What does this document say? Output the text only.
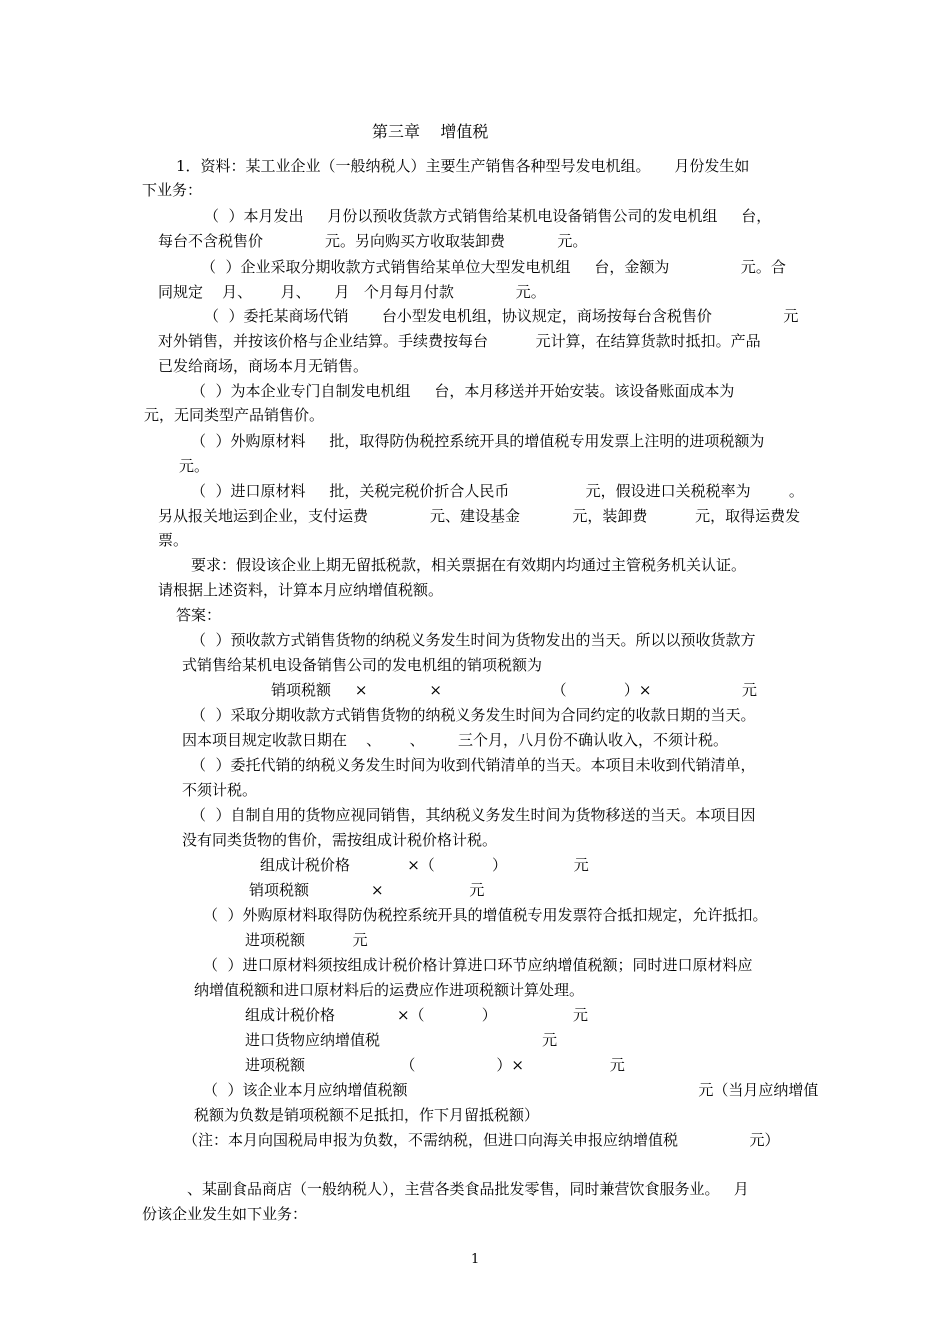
第三章    增值税
1．资料：某工业企业（一般纳税人）主要生产销售各种型号发电机组。     月份发生如
下业务：
（  ）本月发出     月份以预收货款方式销售给某机电设备销售公司的发电机组     台，
每台不含税售价             元。另向购买方收取装卸费           元。
（  ）企业采取分期收款方式销售给某单位大型发电机组     台，金额为               元。合
同规定    月、      月、     月   个月每月付款             元。
（  ）委托某商场代销       台小型发电机组，协议规定，商场按每台含税售价               元
对外销售，并按该价格与企业结算。手续费按每台          元计算，在结算货款时抵扣。产品
已发给商场，商场本月无销售。
（  ）为本企业专门自制发电机组     台，本月移送并开始安装。该设备账面成本为
元，无同类型产品销售价。
（  ）外购原材料     批，取得防伪税控系统开具的增值税专用发票上注明的进项税额为
元。
（  ）进口原材料     批，关税完税价折合人民币                元，假设进口关税税率为        。
另从报关地运到企业，支付运费             元、建设基金           元，装卸费          元，取得运费发
票。
要求：假设该企业上期无留抵税款，相关票据在有效期内均通过主管税务机关认证。
请根据上述资料，计算本月应纳增值税额。
答案：
（  ）预收款方式销售货物的纳税义务发生时间为货物发出的当天。所以以预收货款方
式销售给某机电设备销售公司的发电机组的销项税额为
销项税额     ×             ×                       （            ）×                   元
（  ）采取分期收款方式销售货物的纳税义务发生时间为合同约定的收款日期的当天。
因本项目规定收款日期在    、      、       三个月，八月份不确认收入，不须计税。
（  ）委托代销的纳税义务发生时间为收到代销清单的当天。本项目未收到代销清单，
不须计税。
（  ）自制自用的货物应视同销售，其纳税义务发生时间为货物移送的当天。本项目因
没有同类货物的售价，需按组成计税价格计税。
组成计税价格            ×（            ）              元
销项税额             ×                  元
（  ）外购原材料取得防伪税控系统开具的增值税专用发票符合抵扣规定，允许抵扣。
进项税额          元
（  ）进口原材料须按组成计税价格计算进口环节应纳增值税额；同时进口原材料应
纳增值税额和进口原材料后的运费应作进项税额计算处理。
组成计税价格             ×（            ）                元
进口货物应纳增值税                                  元
进项税额                    （                 ）×                  元
（  ）该企业本月应纳增值税额                                                             元（当月应纳增值
税额为负数是销项税额不足抵扣，作下月留抵税额）
（注：本月向国税局申报为负数，不需纳税，但进口向海关申报应纳增值税               元）
、某副食品商店（一般纳税人），主营各类食品批发零售，同时兼营饮食服务业。   月
份该企业发生如下业务：
1
